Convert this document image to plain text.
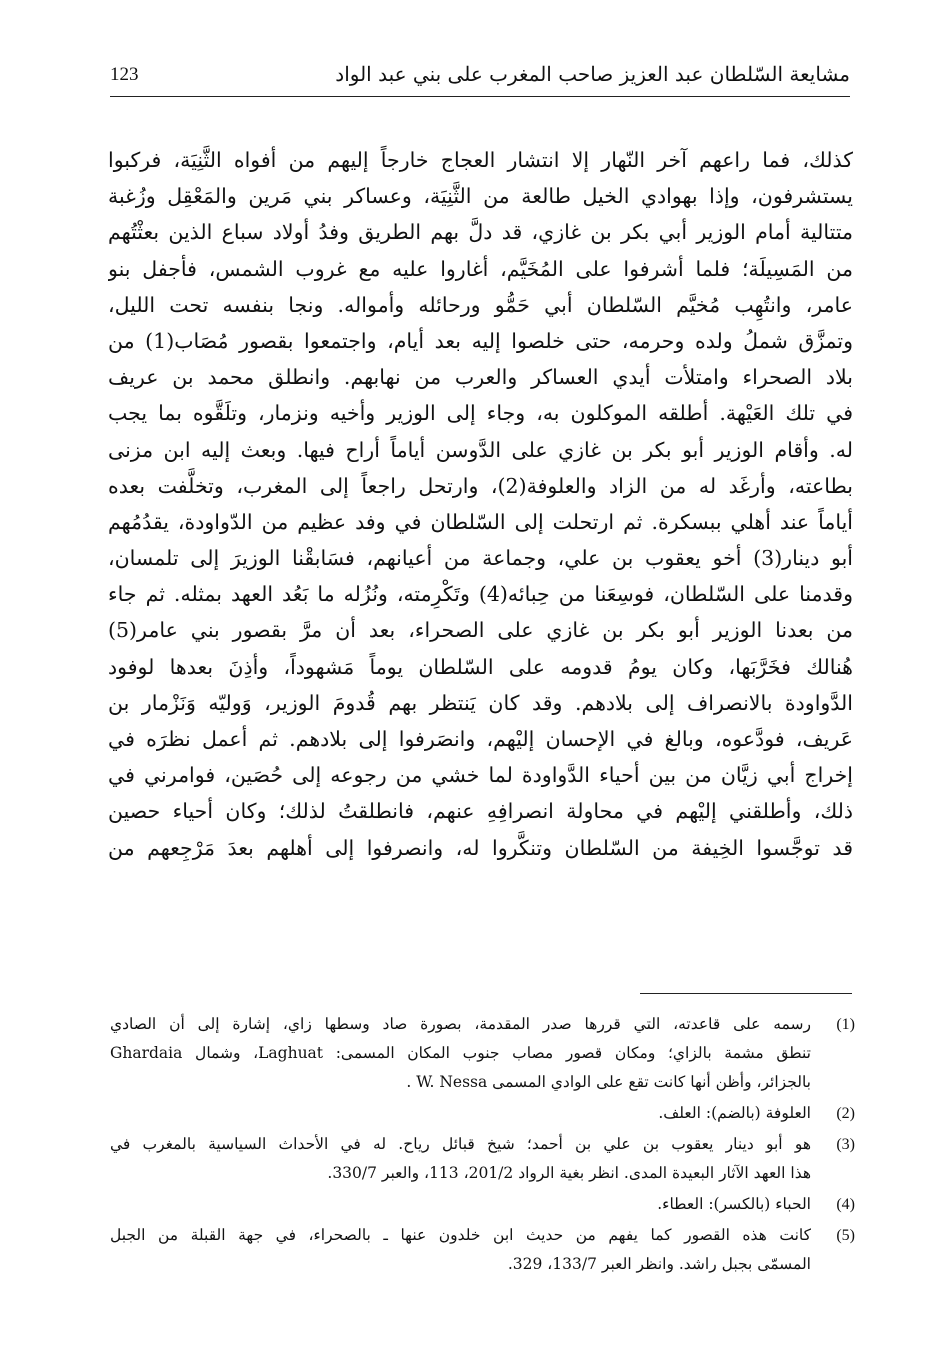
مشايعة السّلطان عبد العزيز صاحب المغرب على بني عبد الواد
123
كذلك، فما راعهم آخر النّهار إلا انتشار العجاج خارجاً إليهم من أفواه الثَّنِيَة، فركبوا
يستشرفون، وإذا بهوادي الخيل طالعة من الثَّنِيَة، وعساكر بني مَرين والمَعْقِل وزُغبة
متتالية أمام الوزير أبي بكر بن غازي، قد دلَّ بهم الطريق وفدُ أولاد سباع الذين بعثْتُهم
من المَسِيلَة؛ فلما أشرفوا على المُخَيَّم، أغاروا عليه مع غروب الشمس، فأجفل بنو
عامر، وانتُهِب مُخيَّم السّلطان أبي حَمُّو ورحائله وأمواله. ونجا بنفسه تحت الليل،
وتمزَّق شملُ ولده وحرمه، حتى خلصوا إليه بعد أيام، واجتمعوا بقصور مُصَاب(1) من
بلاد الصحراء وامتلأت أيدي العساكر والعرب من نهابهم. وانطلق محمد بن عريف
في تلك العَيْهة. أطلقه الموكلون به، وجاء إلى الوزير وأخيه ونزمار، وتلَقَّوه بما يجب
له. وأقام الوزير أبو بكر بن غازي على الدَّوسن أياماً أراح فيها. وبعث إليه ابن مزنى
بطاعته، وأرغَد له من الزاد والعلوفة(2)، وارتحل راجعاً إلى المغرب، وتخلَّفت بعده
أياماً عند أهلي ببسكرة. ثم ارتحلت إلى السّلطان في وفد عظيم من الدّواودة، يقدُمُهم
أبو دينار(3) أخو يعقوب بن علي، وجماعة من أعيانهم، فسَابقْنا الوزيرَ إلى تلمسان،
وقدمنا على السّلطان، فوسِعَنا من حِبائه(4) وتَكْرِمته، ونُزُله ما بَعُد العهد بمثله. ثم جاء
من بعدنا الوزير أبو بكر بن غازي على الصحراء، بعد أن مرَّ بقصور بني عامر(5)
هُنالك فخَرَّبَها، وكان يومُ قدومه على السّلطان يوماً مَشهوداً، وأذِنَ بعدها لوفود
الدَّواودة بالانصراف إلى بلادهم. وقد كان يَنتظر بهم قُدومَ الوزير، وَوليّه وَنَزْمار بن
عَريف، فودَّعوه، وبالغ في الإحسان إليْهم، وانصَرفوا إلى بلادهم. ثم أعمل نظرَه في
إخراج أبي زيَّان من بين أحياء الدَّواودة لما خشي من رجوعه إلى حُصَين، فوامرني في
ذلك، وأطلقني إليْهم في محاولة انصرافِهِ عنهم، فانطلقتُ لذلك؛ وكان أحياء حصين
قد توجَّسوا الخِيفة من السّلطان وتنكَّروا له، وانصرفوا إلى أهلهم بعدَ مَرْجِعهم من
(1)
رسمه على قاعدته، التي قررها صدر المقدمة، بصورة صاد وسطها زاي، إشارة إلى أن الصادي
تنطق مشمة بالزاي؛ ومكان قصور مصاب جنوب المكان المسمى: Laghuat، وشمال Ghardaia
بالجزائر، وأظن أنها كانت تقع على الوادي المسمى W. Nessa .
(2)
العلوفة (بالضم): العلف.
(3)
هو أبو دينار يعقوب بن علي بن أحمد؛ شيخ قبائل رياح. له في الأحداث السياسية بالمغرب في
هذا العهد الآثار البعيدة المدى. انظر بغية الرواد 201/2، 113، والعبر 330/7.
(4)
الحباء (بالكسر): العطاء.
(5)
كانت هذه القصور كما يفهم من حديث ابن خلدون عنها ـ بالصحراء، في جهة القبلة من الجبل
المسمّى بجبل راشد. وانظر العبر 133/7، 329.
